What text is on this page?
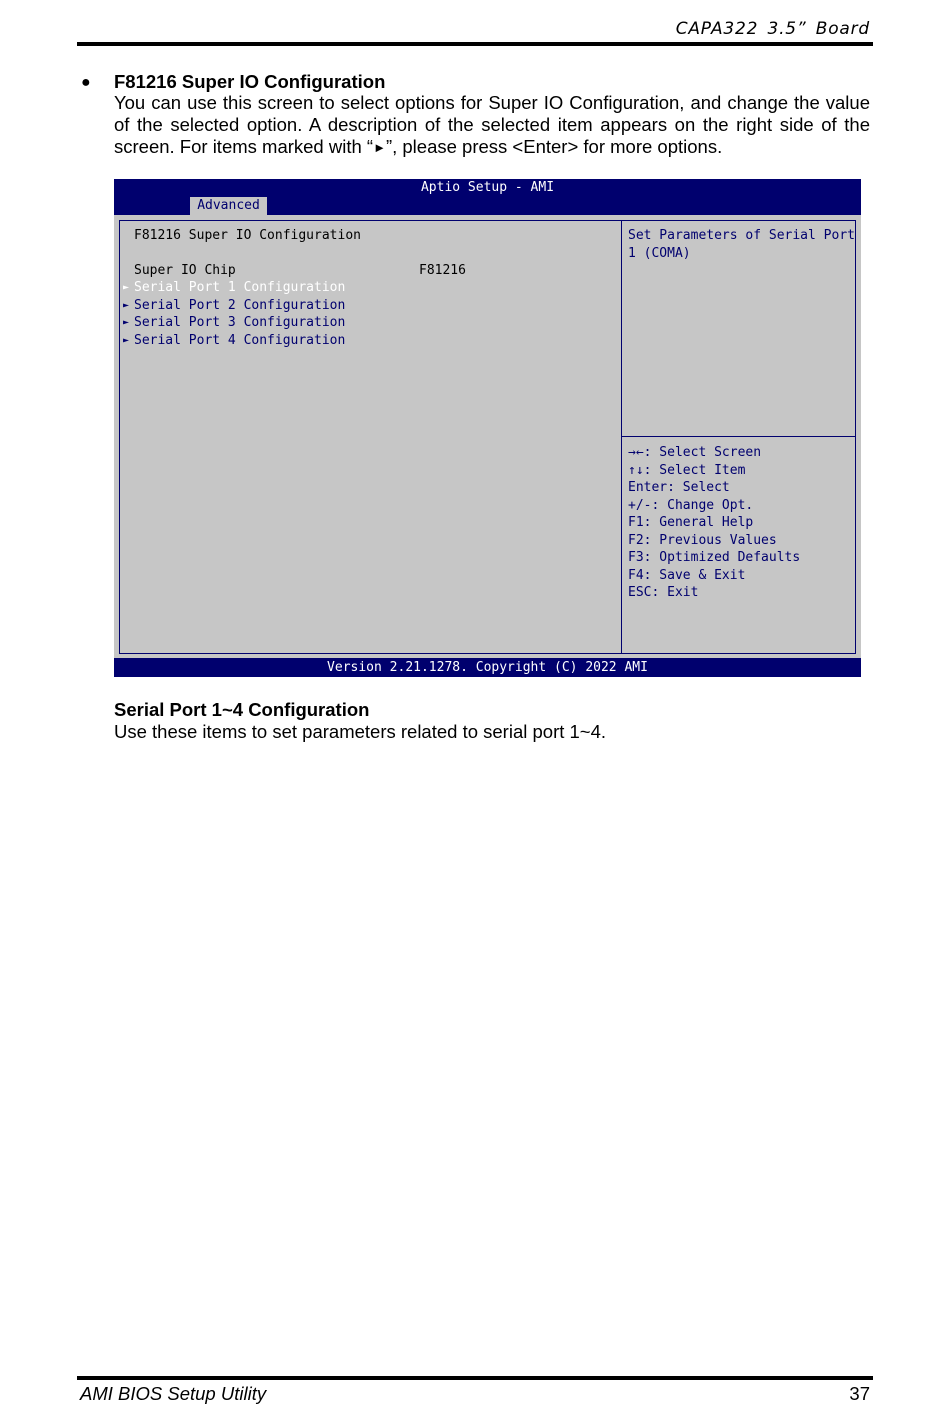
CAPA322 3.5” Board
● F81216 Super IO Configuration
You can use this screen to select options for Super IO Configuration, and change the value of the selected option. A description of the selected item appears on the right side of the screen. For items marked with “►”, please press <Enter> for more options.
Aptio Setup - AMI
Advanced
F81216 Super IO Configuration
Super IO Chip	F81216
► Serial Port 1 Configuration
► Serial Port 2 Configuration
► Serial Port 3 Configuration
► Serial Port 4 Configuration
Set Parameters of Serial Port
1 (COMA)
→←: Select Screen
↑↓: Select Item
Enter: Select
+/-: Change Opt.
F1: General Help
F2: Previous Values
F3: Optimized Defaults
F4: Save & Exit
ESC: Exit
Version 2.21.1278. Copyright (C) 2022 AMI
Serial Port 1~4 Configuration
Use these items to set parameters related to serial port 1~4.
AMI BIOS Setup Utility	37
